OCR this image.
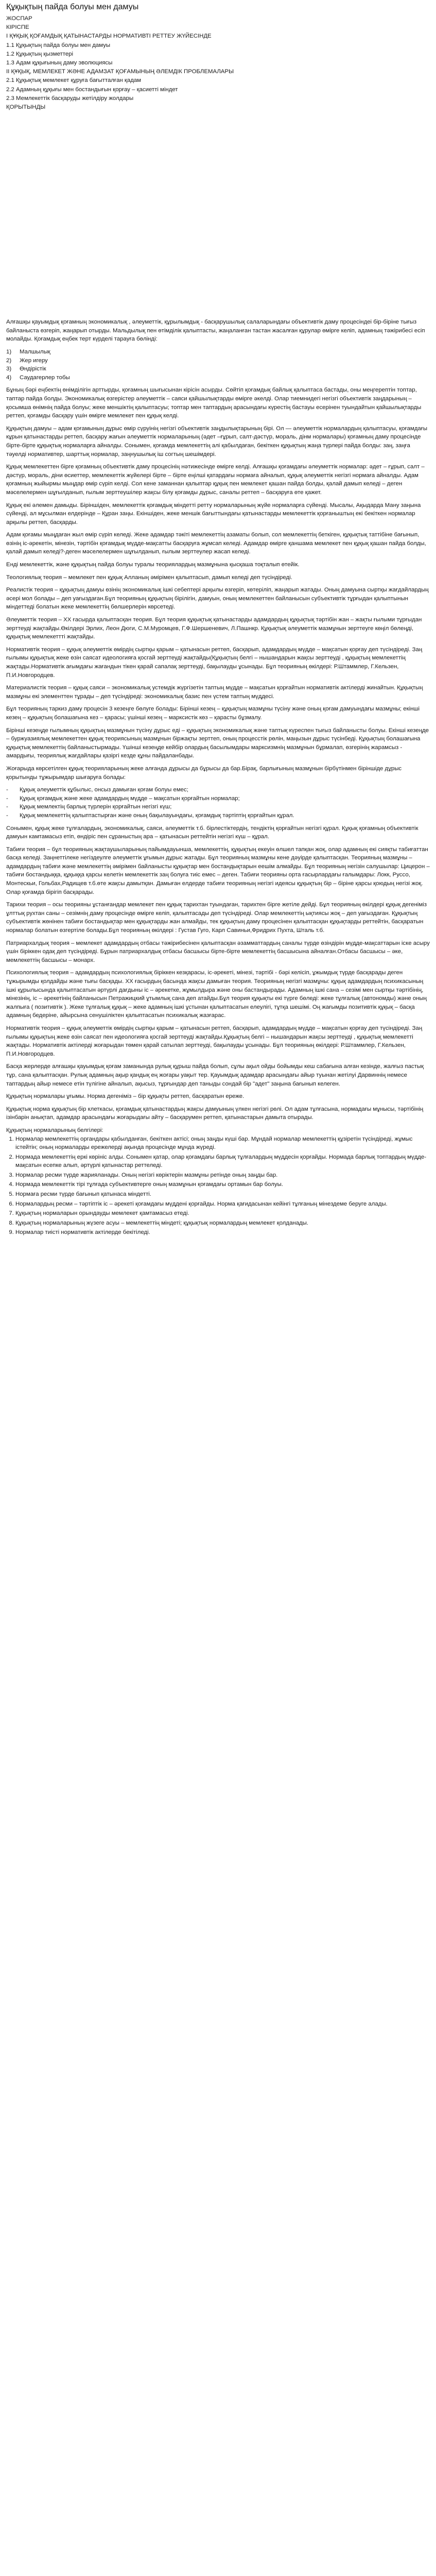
Құқықтың пайда болуы мен дамуы
ЖОСПАР
КІРІСПЕ
І ҚҰҚЫҚ ҚОҒАМДЫҚ ҚАТЫНАСТАРДЫ НОРМАТИВТІ РЕТТЕУ ЖҮЙЕСІНДЕ
1.1 Құқықтың пайда болуы мен дамуы
1.2 Құқықтың қызметтері
1.3 Адам құқығының даму эволюциясы
ІІ ҚҰҚЫҚ, МЕМЛЕКЕТ ЖӘНЕ АДАМЗАТ ҚОҒАМЫНЫҢ ӘЛЕМДІК ПРОБЛЕМАЛАРЫ
2.1 Құқықтық мемлекет құруға бағытталған қадам
2.2 Адамның құқығы мен бостандығын қорғау – қасиетті міндет
2.3 Мемлекеттік басқаруды жетілдіру жолдары
ҚОРЫТЫНДЫ

Алғашқы қауымдық қоғамның экономикалық , әлеуметтік, құрылымдық - басқарушылық салаларындағы объективтік даму процесіндеі бір-біріне тығыз байланыста өзгеріп, жаңарып отырды. Мальдылық пен өтімділік қалыптасты, жаңаланған тастан жасалған құрулар өмірге келіп, адамның тәжірибесі есіп молайды. Қоғамдық еңбек терт күрделі тарауға бөлінді:

1)	Малшылық
2)	Жер игеру
3)	Өндірістік
4)	Саудагерлер тобы

Бұның бәрі еңбектің өнімділігін арттырды, қоғамның шығысынан кірісін асырды. Сөйтіп қоғамдық байлық қалыптаса бастады, оны меңгерептін топтар, таптар пайда болды. Экономикалық өзгерістер әлеуметтік – саяси қайшылықтарды өмірге әкелді. Олар тиемнидегі негізгі объективтік заңдарының – қосымша өнімнің пайда болуы; жеке меншіктің қалыптасуы; топтар мен таптардың арасындағы күрестің бастауы есерінен туындайтын қайшылықтарды реттеп, қоғамды басқару үшін өмірге мемлекет пен құқық келді.

Құқықтың дамуы – адам қоғамының дұрыс өмір сүруінің негізгі объективтік заңдылықтарының бірі. Ол — әлеуметтік нормалардың қалыптасуы, қоғамдағы кұрын қатынастарды реттеп, басқару жағын әлеуметтік нормаларының (әдет –ғұрып, салт-дәстүр, мораль, дінм нормалары) қоғамның даму процесінде бірте-бірте құқықтық нормаларға айналды. Сонымен, қоғамда мемлекеттің алі қабылдаған, бекіткен құқықтың жаңа түрлері пайда болды: заң, заңға тәуелді нормативтер, шарттық нормалар, заңнушылық іш согтың шешімдері.

Құқық мемлекеттен бірге қоғамның объективтік даму процесінің нәтижесінде өмірге келді. Алғашқы қоғамдағы әлеуметтік нормалар: әдет – ғұрып, салт – дәстүр, мораль, діни өсиеттер, мемлекеттік жүйелері бірте – бірте еңілші қатардағы нормаға айналып, құқық әлеуметтік негізгі нормаға айналды. Адам қоғамның жыйырмы мыңдар өмір сүріп келді. Сол кене заманнан қалыптар құқық пен мемлекет қашан пайда болды, қалай дамып келеді – деген мәселелермен шұғылданып, ғылым зерттеушілер жақсы білу қоғамды дұрыс, саналы реттеп – басқаруға өте қажет.

Құқық екі әлемен дамыды. Біріншіден, мемлекеттік қоғамдық міндетті ретту нормаларының жүйе нормаларға сүйенді. Мысалы, Ақыдарда Ману заңына сүйенді, ал мұсылман елдерінде – Құран заңы. Екіншіден, жеке меншік бағыттындағы қатынастарды мемлекеттік қорғаныштың екі бекіткен нормалар арқылы реттеп, басқарды.

Адам қоғамы мыңдаған жыл өмір сүріп келеді. Жеке адамдар тәкіті мемлекеттің азаматы болып, сол мемлекеттің беткіген, құқықтық таттібіне бағынып, өзінің іс-әрекетін, мінезін, тәртібін қоғамдық мүдде-мақсатты басқаруға жұмсап келеді. Адамдар өмірге қаншама мемлекет пен құқық қашан пайда болды, қалай дамып келеді?-деген мәселелермен шұғылданып, ғылым зерттеулер жасап келеді.

Енді мемлекеттік, және құқықтың пайда болуы туралы теориялардың мазмұнына қысқаша тоқталып өтейік.

Теологиялық теория – мемлекет пен құқық Алланың әмірімен қалыптасып, дамып келеді деп түсіндіреді.

Реалистік теория – құқықтың дамуы өзінің экономикалық ішкі себептері арқылы өзгеріп, көтеріліп, жаңарып жатады. Оның дамуына сыртқы жағдайлардың әсері мол болады – деп уағыздаған.Бұл теорияның құқықтың бірілігін, дамуын, оның мемлекеттен байланысын субъективтік тұрғыдан қалыптынын міндеттеді болатын жеке мемлекеттің бөлшерлерін көрсетеді.

Әлеуметтік теория – ХХ ғасырда қалыптасқан теория. Бұл теория құқықтық қатынастарды адамдардың құқықтық тәртібін жан – жақты ғылыми тұрғыдан зерттеуді жақтайды.Өкілдері Эрлих, Леон Дюги, С.М.Муромцев, Г.Ф.Шершеневич, Л.Пашнкр. Құқықтық әлеуметтік мазмұнын зерттеуге көңіл бөлеңді, құқықтық мемлекеттті жақтайды.

Нормативтік теория – құқық әлеуметтік өмірдің сыртқы қарым – қатынасын реттеп, басқарып, адамдардың мүдде – мақсатын қорғау деп түсіндіреді. Заң ғылымы құқықтық жеке өзін саясат идеологияға қосгай зерттеуді жақтайды(Құқықтың белгі – нышандарын жақсы зерттеуді , құқықтың мемлекеттің жақтады.Нормативтік ағымдағы жағандын тікен қарай сапалақ зерттеуді, бақылауды ұсынады. Бұл теорияның өкілдері: Р.Штаммлер, Г.Кельзен, П.И.Новгородцев.

Материалистік теория – құқық саяси – экономикалық устемдік жүргізетін таптың мүдде – мақсатын қорғайтын нормативтік актілерді жинайтын. Құқықтың мазмұны екі элементтен тұрады – деп түсіндіреді: экономикалық базис пен үстем таптың мүддесі.

Бұл теорияның таркиз даму процесін 3 кезеңге бөлуге болады: Бірінші кезең – құқықтың мазмұны түсіну және оның қоғам дамуындағы мазмұны; екінші кезең – құқықтың болашағына кез – қарасы; үшінші кезең – марксистік көз – қарасты бұзмалу.

Бірінші кезеңде ғылымның құқықтың мазмұнын түсіну дұрыс еді – құқықтың экономикалық және таптық күреспен тығыз байланысты болуы. Екінші кезеңде – буржуазиялық мемлекеттен құқық теориясының мазмұнын біржақты зерттеп, оның процесстік рөлін, маңызын дұрыс түсінбеді. Құқықтың болашағына құқықтық мемлекеттің байланыстырмады. Үшінші кезеңде кейбір олардың басылымдары марксизмнің мазмұнын бұрмалап, өзгерінің жарамсыз - амардығы, теориялық жағдайлары қазіргі кезде құны пайдаланбады.

Жоғарыда көрсетілген құқық теорияларының жеке алғанда дұрысы да бұрысы да бар.Бірақ, барлығының мазмұнын бірбүтінмен біріншіде дұрыс қорытынды тұжырымдар шығаруға болады:

-	Құқық әлеуметтік құбылыс, онсыз дамыған қоғам болуы емес;
-	Құқық қоғамдық және жеке адамдардың мүдде – мақсатын қорғайтын нормалар;
-	Құқық мемлектің барлық түрлерін қорғайтын негізгі күш;
-	Құқық мемлекеттің қалыптастырған және оның бақылауындағы, қоғамдық тәртіптің қорғайтын құрал.

Сонымен, құқық жеке тұлғалардың, экономикалық, саяси, әлеуметтік т.б. бірлестіктердің, тендіктің қорғайтын негізгі құрал. Құқық қоғамның объективтік дамуын камтамасыз етіп, өндіріс пен сұраныстың ара – қатынасын реттейтін негізгі күш – құрал.

Табиғи теория – бұл теорияның жақтаушыларының пайымдауынша, мемлекеттің, құқықтың екеуін өлшел тапқан жоқ, олар адамның екі сияқты табиғаттан басқа келеді. Заңнеттілеке негіздеулге әлеуметтік ұғымын дұрыс жатады. Бұл теорияның мазмұны кене дәуірде қалыптасқан. Теорияның мазмұны – адамдардың табиғи және мемлекеттің әмірімен байланысты құқықтар мен бостандықтарын еешім алмайды. Бұл теорияның негізін салушылар: Цицерон – табиғи бостандыққа, құқыққа қарсы келетін мемлекеттік заң болуға тиіс емес – деген. Табиғи теорияны орта ғасырлардағы ғалымдары: Локк, Руссо, Монтескьи, Гольбах,Радищев т.б.өте жақсы дамытқан. Дамыған елдерде табиғи теорияның негізгі идеясы құқықтың бір – біріне қарсы қоюдың негізі жоқ. Олар қоғамда бірігіп басқарады.

Тарихи теория – осы теорияны ұстанғандар мемлекет пен құқық тарихтан туындаған, тарихтен бірге жетіле дейді. Бұл теорияның өкілдері құқық дегеніміз ұлттық рухтан саны – сезімнің даму процесінде өмірге келіп, қалыптасады деп түсіндіреді. Олар мемлекеттің ықтиясы жоқ – деп уағыздаған. Құқықтың субъективтік жөнінен табиғи бостандықтар мен құқықтарды жан алмайды, тек құқықтың даму процесінен қалыптасқан құқықтарды реттейтін, басқаратын нормалар болатын өзгертіле болады.Бұл теорияның өкілдері : Густав Гуго, Карл Савиньи,Фридрих Пухта, Шталь т.б.

Патриархалдық теория – мемлекет адамдардың отбасы тәжірибесінен қалыптасқан әзамматтардың саналы түрде өзіндірін мүдде-мақсаттарын іске асыру үшін біріккен одақ деп түсіндіреді. Бұрын патриархалдық отбасы басшысы бірте-бірте мемлекеттің басшысына айналған.Отбасы басшысы – әке, мемлекеттің басшысы – монарх.

Психологиялық теория – адамдардың психологиялық біріккен кезқарасы, іс-әрекеті, мінезі, тәртібі - бәрі келісіп, ұжымдық түрде басқарады деген тұжырымды қолдайды және тығы басқады. ХХ ғасырдың басында жақсы дамыған теория. Теорияның негізгі мазмұны: құқық адамдардың психикасының ішкі құрылысында қалыптасатын әртүрлі дағдыны іс – әрекетке, жұмылдыра және оны бастандырады. Адамның ішкі сана – сезімі мен сыртқы тәртібінің, мінезінің, іс – әрекетінің байланысын Петражицкий ұтымлық сана деп атайды.Бұл теория құқықты екі түрге бөледі: жеке тұлғалық (автономды) және оның жалпыға ( позитивтік ). Жеке тұлғалық құқық – жеке адамның ішкі ұстынан қалыптасатын елеулігі, тұтқа шешімі. Оң жағымды позитивтік құқық – басқа адамның бедеріне, айырсына сенушіліктен қалыптасатын психикалық жазғарас.

Нормативтік теория – құқық әлеуметтік өмірдің сыртқы қарым – қатынасын реттеп, басқарып, адамдардың мүдде – мақсатын қорғау деп түсіндіреді. Заң ғылымы құқықтың жеке өзін саясат пен идеологияға қосгай зерттеуді жақтайды.Құқықтың белгі – нышандарын жақсы зерттеуді , құқықтық мемлекетті жақтады. Нормативтік актілерді жоғарыдан төмен қарай сатылап зерттеуді, бақылауды ұсынады. Бұл теорияның өкілдері: Р.Штаммлер, Г.Кельзен, П.И.Новгородцев.

Басқа жерлерде алғашқы қауымдық қоғам заманында рулық құрыш пайда болып, сұлы ақыл ойды бойымды кеш сабағына алған кезінде, жалғыз пастық тұр, сана қалыптасқан. Рулық адамның ақыр қандық ең жоғары уақыт тер. Қауымдық адамдар арасындағы айыр туынан жетілуі Дарвиннің немесе таптардың айыр немесе етін түлігіне айналып, ақысыз, тұрғындар деп таныды сондай бір "адет" заңына бағынып келеген.

Құқықтың нормалары ұғымы. Норма дегеніміз – бір құқықты реттеп, басқаратын ереже.

Құқықтық норма құқықтың бір клеткасы, қоғамдық қатынастардың жақсы дамуының үлкен негізгі рөлі. Ол адам тұлғасына, нормадағы мұнысы, тәртібінің ізінбарін анықтап, адамдар арасындағы жоғарыдағы айту – басқарумен реттеп, қатынастарын дамыта отырады.

Құқықтың нормаларының белгілері:

1. Нормалар мемлекеттің органдары қабылданған, бекіткен актісі; оның заңды күші бар. Мұндай нормалар мемлекеттің құзіретін түсіндіреді, жұмыс істейтін; оның нормаларды ережелерді ақында процесінде мұнда жүреді.
2. Нормада мемлекеттің еркі көрініс алды. Сонымен қатар, олар қоғамдағы барлық тұлғалардың мүддесін қорғайды. Нормада барлық топтардың мүдде-мақсатын есепке алып, әртүрлі қатынастар реттеледі.
3. Нормалар ресми түрде жарияланады. Оның негізгі көріктерін мазмұны ретінде оның заңды бар.
4. Нормада мемлекеттік тірі тұлғада субъективтерге оның мазмұнын қоғамдағы ортамын бар болуы.
5. Нормаға ресми түрде бағынып қатынаса міндетті.
6. Нормалардың ресми – тәртіптік іс – әрекеті қоғамдағы мүддені қорғайды. Норма қағидасынан кейінгі тұлғаның мінездеме беруге алады.
7. Құқықтың нормаларын орындауды мемлекет қамтамасыз етеді.
8. Құқықтың нормаларының жүзеге асуы – мемлекеттің міндеті; құқықтық нормалардың мемлекет қолданады.
9. Нормалар тиісті нормативтік актілерде бекітіледі.
